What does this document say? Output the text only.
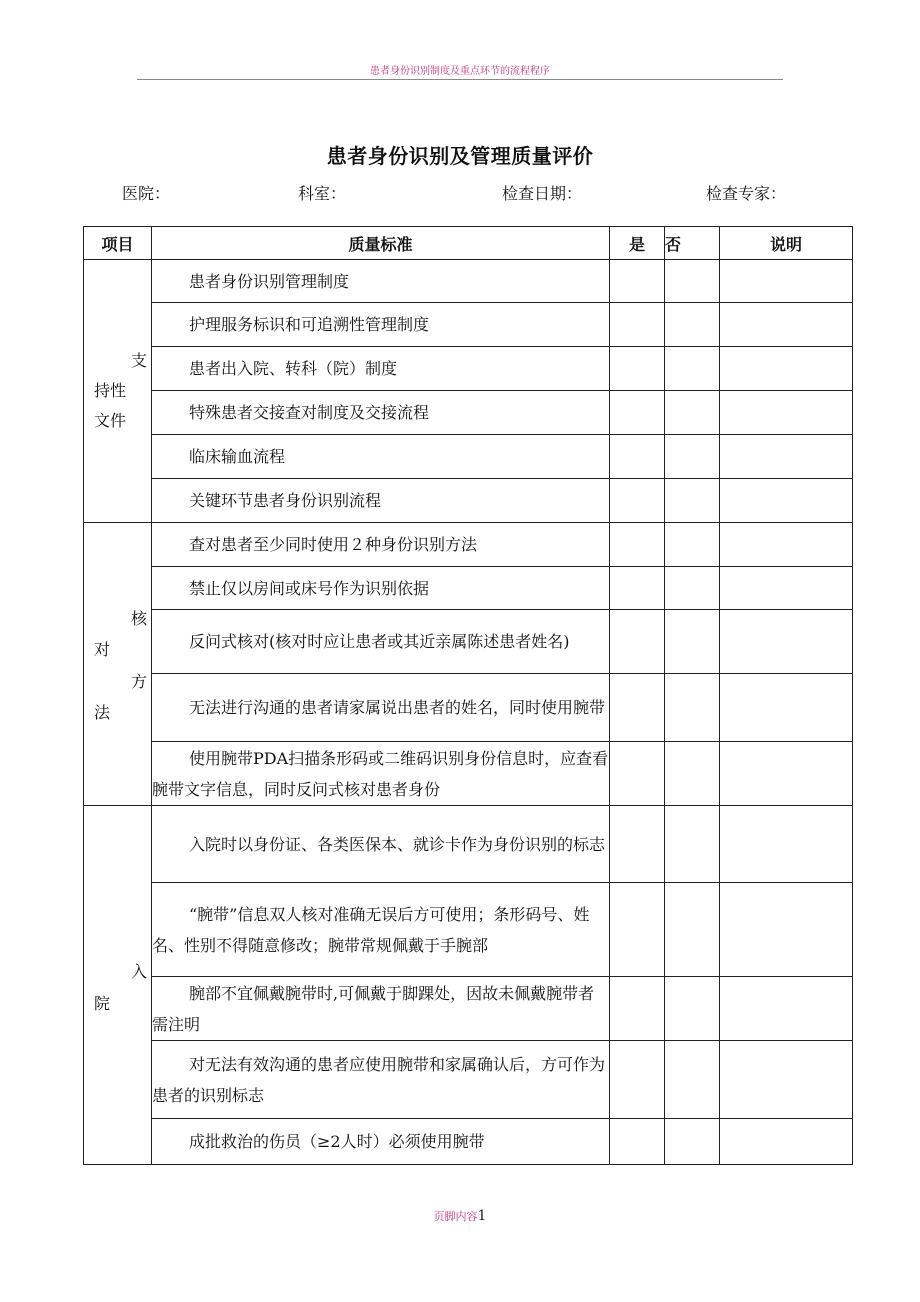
患者身份识别制度及重点环节的流程程序
患者身份识别及管理质量评价
医院：	科室：	检查日期：	检查专家：
项目	质量标准	是	否	说明

支
持性
文件	患者身份识别管理制度			
	护理服务标识和可追溯性管理制度			
	患者出入院、转科（院）制度			
	特殊患者交接查对制度及交接流程			
	临床输血流程			
	关键环节患者身份识别流程			

核
对
方
法	查对患者至少同时使用２种身份识别方法			
	禁止仅以房间或床号作为识别依据			
	反问式核对(核对时应让患者或其近亲属陈述患者姓名)			
	无法进行沟通的患者请家属说出患者的姓名，同时使用腕带			
	使用腕带PDA扫描条形码或二维码识别身份信息时，应查看腕带文字信息，同时反问式核对患者身份			

入
院	入院时以身份证、各类医保本、就诊卡作为身份识别的标志			
	“腕带”信息双人核对准确无误后方可使用；条形码号、姓名、性别不得随意修改；腕带常规佩戴于手腕部			
	腕部不宜佩戴腕带时,可佩戴于脚踝处，因故未佩戴腕带者需注明			
	对无法有效沟通的患者应使用腕带和家属确认后，方可作为患者的识别标志			
	成批救治的伤员（≥2人时）必须使用腕带			
页脚内容1
